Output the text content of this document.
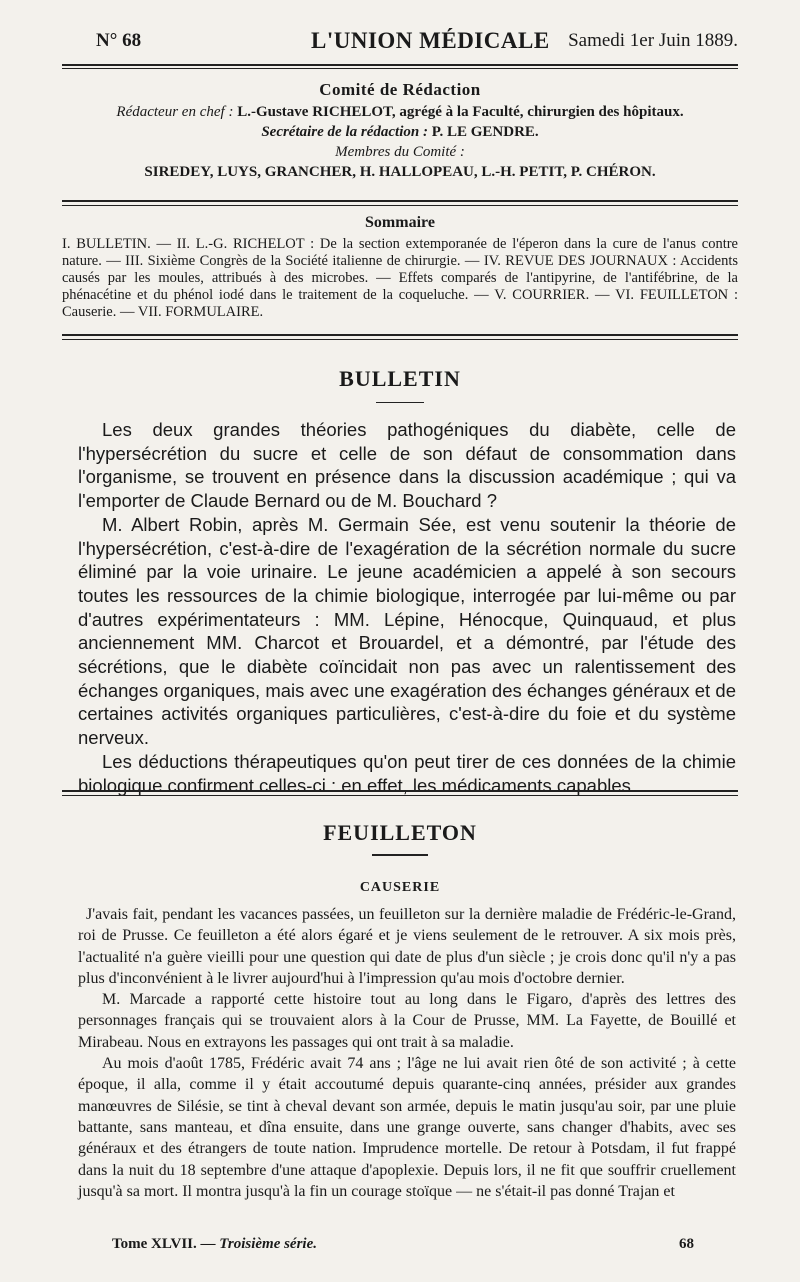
N° 68	L'UNION MÉDICALE Samedi 1er Juin 1889.

Comité de Rédaction

Rédacteur en chef : L.-Gustave RICHELOT, agrégé à la Faculté, chirurgien des hôpitaux.

Secrétaire de la rédaction : P. LE GENDRE.

Membres du Comité :

SIREDEY, LUYS, GRANCHER, H. HALLOPEAU, L.-H. PETIT, P. CHÉRON.

Sommaire

I. BULLETIN. — II. L.-G. RICHELOT : De la section extemporanée de l'éperon dans la cure de l'anus contre nature. — III. Sixième Congrès de la Société italienne de chirurgie. — IV. REVUE DES JOURNAUX : Accidents causés par les moules, attribués à des microbes. — Effets comparés de l'antipyrine, de l'antifébrine, de la phénacétine et du phénol iodé dans le traitement de la coqueluche. — V. COURRIER. — VI. FEUILLETON : Causerie. — VII. FORMULAIRE.

BULLETIN

Les deux grandes théories pathogéniques du diabète, celle de l'hypersécrétion du sucre et celle de son défaut de consommation dans l'organisme, se trouvent en présence dans la discussion académique ; qui va l'emporter de Claude Bernard ou de M. Bouchard ?

M. Albert Robin, après M. Germain Sée, est venu soutenir la théorie de l'hypersécrétion, c'est-à-dire de l'exagération de la sécrétion normale du sucre éliminé par la voie urinaire. Le jeune académicien a appelé à son secours toutes les ressources de la chimie biologique, interrogée par lui-même ou par d'autres expérimentateurs : MM. Lépine, Hénocque, Quinquaud, et plus anciennement MM. Charcot et Brouardel, et a démontré, par l'étude des sécrétions, que le diabète coïncidait non pas avec un ralentissement des échanges organiques, mais avec une exagération des échanges généraux et de certaines activités organiques particulières, c'est-à-dire du foie et du système nerveux.

Les déductions thérapeutiques qu'on peut tirer de ces données de la chimie biologique confirment celles-ci : en effet, les médicaments capables

FEUILLETON
CAUSERIE

J'avais fait, pendant les vacances passées, un feuilleton sur la dernière maladie de Frédéric-le-Grand, roi de Prusse. Ce feuilleton a été alors égaré et je viens seulement de le retrouver. A six mois près, l'actualité n'a guère vieilli pour une question qui date de plus d'un siècle ; je crois donc qu'il n'y a pas plus d'inconvénient à le livrer aujourd'hui à l'impression qu'au mois d'octobre dernier.

M. Marcade a rapporté cette histoire tout au long dans le Figaro, d'après des lettres des personnages français qui se trouvaient alors à la Cour de Prusse, MM. La Fayette, de Bouillé et Mirabeau. Nous en extrayons les passages qui ont trait à sa maladie.

Au mois d'août 1785, Frédéric avait 74 ans ; l'âge ne lui avait rien ôté de son activité ; à cette époque, il alla, comme il y était accoutumé depuis quarante-cinq années, présider aux grandes manœuvres de Silésie, se tint à cheval devant son armée, depuis le matin jusqu'au soir, par une pluie battante, sans manteau, et dîna ensuite, dans une grange ouverte, sans changer d'habits, avec ses généraux et des étrangers de toute nation. Imprudence mortelle. De retour à Potsdam, il fut frappé dans la nuit du 18 septembre d'une attaque d'apoplexie. Depuis lors, il ne fit que souffrir cruellement jusqu'à sa mort. Il montra jusqu'à la fin un courage stoïque — ne s'était-il pas donné Trajan et

Tome XLVII. — Troisième série.	68
